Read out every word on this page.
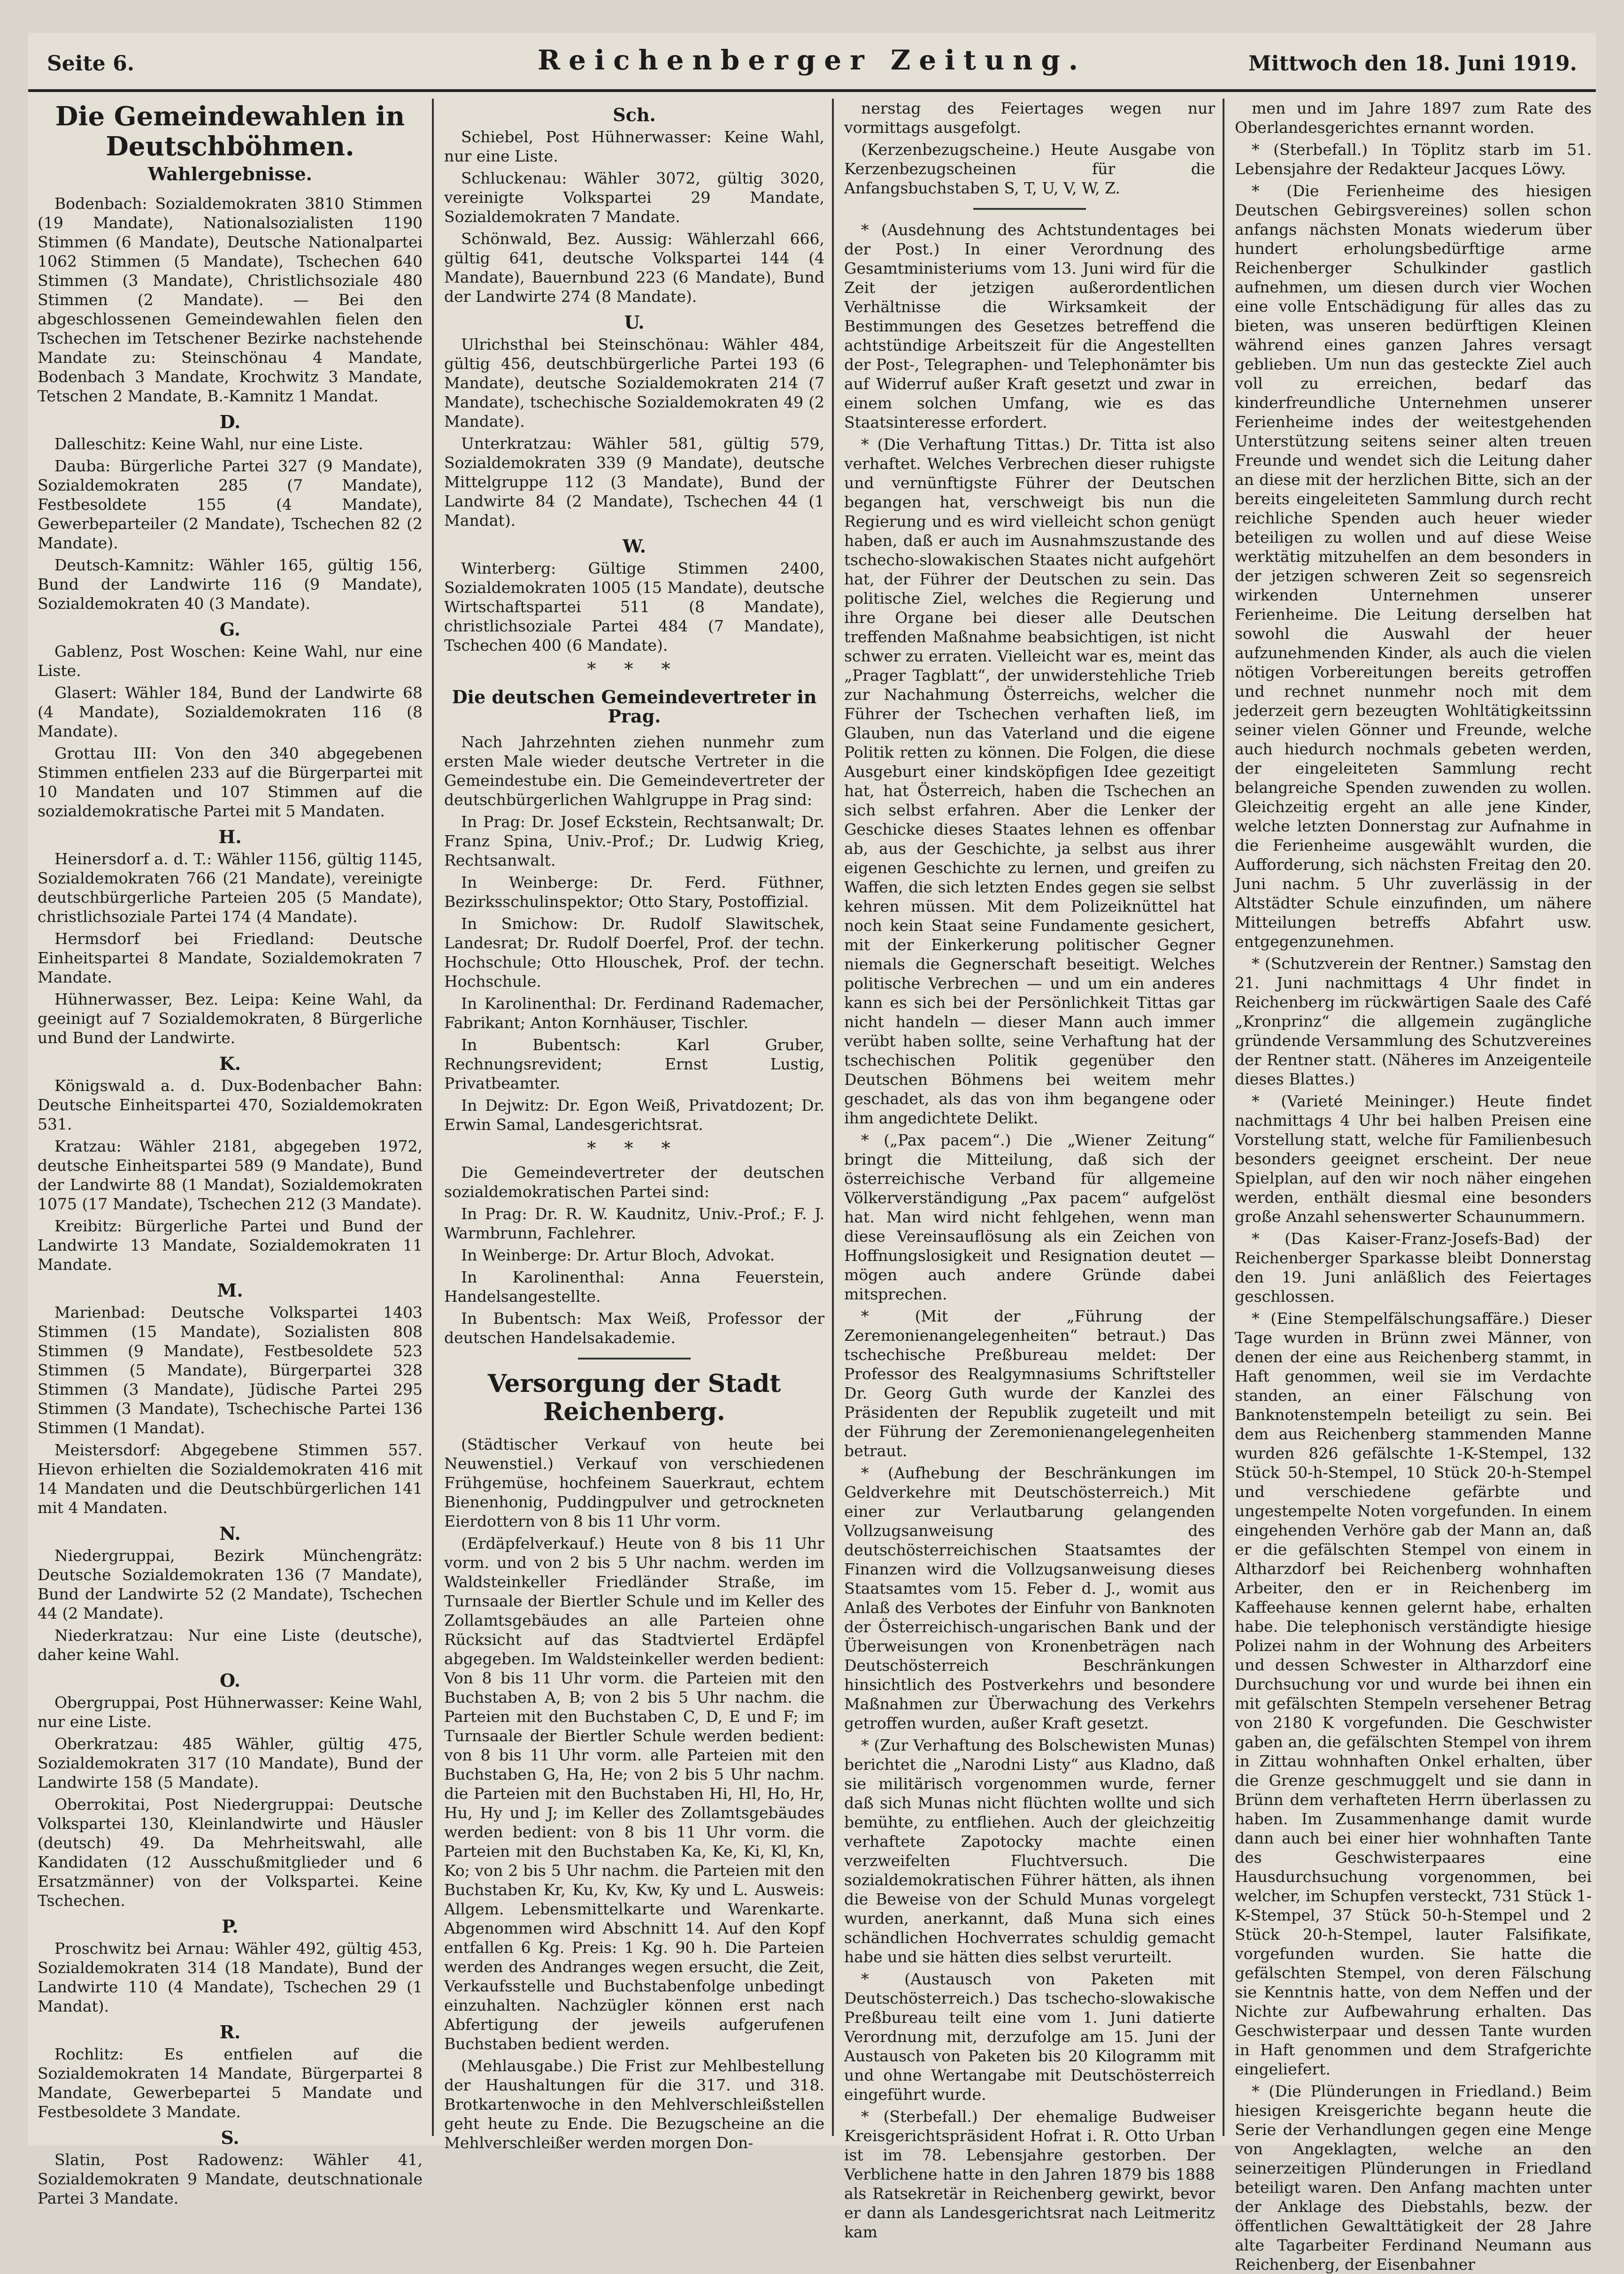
Seite 6.	Reichenberger Zeitung.	Mittwoch den 18. Juni 1919.
Die Gemeindewahlen in Deutschböhmen.
Wahlergebnisse.

Bodenbach: Sozialdemokraten 3810 Stimmen (19 Mandate), Nationalsozialisten 1190 Stimmen (6 Mandate), Deutsche Nationalpartei 1062 Stimmen (5 Mandate), Tschechen 640 Stimmen (3 Mandate), Christlichsoziale 480 Stimmen (2 Mandate). — Bei den abgeschlossenen Gemeindewahlen fielen den Tschechen im Tetschener Bezirke nachstehende Mandate zu: Steinschönau 4 Mandate, Bodenbach 3 Mandate, Krochwitz 3 Mandate, Tetschen 2 Mandate, B.-Kamnitz 1 Mandat.

D.

Dalleschitz: Keine Wahl, nur eine Liste.

Dauba: Bürgerliche Partei 327 (9 Mandate), Sozialdemokraten 285 (7 Mandate), Festbesoldete 155 (4 Mandate), Gewerbeparteiler (2 Mandate), Tschechen 82 (2 Mandate).

Deutsch-Kamnitz: Wähler 165, gültig 156, Bund der Landwirte 116 (9 Mandate), Sozialdemokraten 40 (3 Mandate).

G.

Gablenz, Post Woschen: Keine Wahl, nur eine Liste.

Glasert: Wähler 184, Bund der Landwirte 68 (4 Mandate), Sozialdemokraten 116 (8 Mandate).

Grottau III: Von den 340 abgegebenen Stimmen entfielen 233 auf die Bürgerpartei mit 10 Mandaten und 107 Stimmen auf die sozialdemokratische Partei mit 5 Mandaten.

H.

Heinersdorf a. d. T.: Wähler 1156, gültig 1145, Sozialdemokraten 766 (21 Mandate), vereinigte deutschbürgerliche Parteien 205 (5 Mandate), christlichsoziale Partei 174 (4 Mandate).

Hermsdorf bei Friedland: Deutsche Einheitspartei 8 Mandate, Sozialdemokraten 7 Mandate.

Hühnerwasser, Bez. Leipa: Keine Wahl, da geeinigt auf 7 Sozialdemokraten, 8 Bürgerliche und Bund der Landwirte.

K.

Königswald a. d. Dux-Bodenbacher Bahn: Deutsche Einheitspartei 470, Sozialdemokraten 531.

Kratzau: Wähler 2181, abgegeben 1972, deutsche Einheitspartei 589 (9 Mandate), Bund der Landwirte 88 (1 Mandat), Sozialdemokraten 1075 (17 Mandate), Tschechen 212 (3 Mandate).

Kreibitz: Bürgerliche Partei und Bund der Landwirte 13 Mandate, Sozialdemokraten 11 Mandate.

M.

Marienbad: Deutsche Volkspartei 1403 Stimmen (15 Mandate), Sozialisten 808 Stimmen (9 Mandate), Festbesoldete 523 Stimmen (5 Mandate), Bürgerpartei 328 Stimmen (3 Mandate), Jüdische Partei 295 Stimmen (3 Mandate), Tschechische Partei 136 Stimmen (1 Mandat).

Meistersdorf: Abgegebene Stimmen 557. Hievon erhielten die Sozialdemokraten 416 mit 14 Mandaten und die Deutschbürgerlichen 141 mit 4 Mandaten.

N.

Niedergruppai, Bezirk Münchengrätz: Deutsche Sozialdemokraten 136 (7 Mandate), Bund der Landwirte 52 (2 Mandate), Tschechen 44 (2 Mandate).

Niederkratzau: Nur eine Liste (deutsche), daher keine Wahl.

O.

Obergruppai, Post Hühnerwasser: Keine Wahl, nur eine Liste.

Oberkratzau: 485 Wähler, gültig 475, Sozialdemokraten 317 (10 Mandate), Bund der Landwirte 158 (5 Mandate).

Oberrokitai, Post Niedergruppai: Deutsche Volkspartei 130, Kleinlandwirte und Häusler (deutsch) 49. Da Mehrheitswahl, alle Kandidaten (12 Ausschußmitglieder und 6 Ersatzmänner) von der Volkspartei. Keine Tschechen.

P.

Proschwitz bei Arnau: Wähler 492, gültig 453, Sozialdemokraten 314 (18 Mandate), Bund der Landwirte 110 (4 Mandate), Tschechen 29 (1 Mandat).

R.

Rochlitz: Es entfielen auf die Sozialdemokraten 14 Mandate, Bürgerpartei 8 Mandate, Gewerbepartei 5 Mandate und Festbesoldete 3 Mandate.

S.

Slatin, Post Radowenz: Wähler 41, Sozialdemokraten 9 Mandate, deutschnationale Partei 3 Mandate.

Sch.

Schiebel, Post Hühnerwasser: Keine Wahl, nur eine Liste.

Schluckenau: Wähler 3072, gültig 3020, vereinigte Volkspartei 29 Mandate, Sozialdemokraten 7 Mandate.

Schönwald, Bez. Aussig: Wählerzahl 666, gültig 641, deutsche Volkspartei 144 (4 Mandate), Bauernbund 223 (6 Mandate), Bund der Landwirte 274 (8 Mandate).

U.

Ulrichsthal bei Steinschönau: Wähler 484, gültig 456, deutschbürgerliche Partei 193 (6 Mandate), deutsche Sozialdemokraten 214 (7 Mandate), tschechische Sozialdemokraten 49 (2 Mandate).

Unterkratzau: Wähler 581, gültig 579, Sozialdemokraten 339 (9 Mandate), deutsche Mittelgruppe 112 (3 Mandate), Bund der Landwirte 84 (2 Mandate), Tschechen 44 (1 Mandat).

W.

Winterberg: Gültige Stimmen 2400, Sozialdemokraten 1005 (15 Mandate), deutsche Wirtschaftspartei 511 (8 Mandate), christlichsoziale Partei 484 (7 Mandate), Tschechen 400 (6 Mandate).

* * *
Die deutschen Gemeindevertreter in Prag.

Nach Jahrzehnten ziehen nunmehr zum ersten Male wieder deutsche Vertreter in die Gemeindestube ein. Die Gemeindevertreter der deutschbürgerlichen Wahlgruppe in Prag sind:

In Prag: Dr. Josef Eckstein, Rechtsanwalt; Dr. Franz Spina, Univ.-Prof.; Dr. Ludwig Krieg, Rechtsanwalt.

In Weinberge: Dr. Ferd. Füthner, Bezirksschulinspektor; Otto Stary, Postoffizial.

In Smichow: Dr. Rudolf Slawitschek, Landesrat; Dr. Rudolf Doerfel, Prof. der techn. Hochschule; Otto Hlouschek, Prof. der techn. Hochschule.

In Karolinenthal: Dr. Ferdinand Rademacher, Fabrikant; Anton Kornhäuser, Tischler.

In Bubentsch: Karl Gruber, Rechnungsrevident; Ernst Lustig, Privatbeamter.

In Dejwitz: Dr. Egon Weiß, Privatdozent; Dr. Erwin Samal, Landesgerichtsrat.

* * *

Die Gemeindevertreter der deutschen sozialdemokratischen Partei sind:

In Prag: Dr. R. W. Kaudnitz, Univ.-Prof.; F. J. Warmbrunn, Fachlehrer.

In Weinberge: Dr. Artur Bloch, Advokat.

In Karolinenthal: Anna Feuerstein, Handelsangestellte.

In Bubentsch: Max Weiß, Professor der deutschen Handelsakademie.

Versorgung der Stadt Reichenberg.

(Städtischer Verkauf von heute bei Neuwenstiel.) Verkauf von verschiedenen Frühgemüse, hochfeinem Sauerkraut, echtem Bienenhonig, Puddingpulver und getrockneten Eierdottern von 8 bis 11 Uhr vorm.

(Erdäpfelverkauf.) Heute von 8 bis 11 Uhr vorm. und von 2 bis 5 Uhr nachm. werden im Waldsteinkeller Friedländer Straße, im Turnsaale der Biertler Schule und im Keller des Zollamtsgebäudes an alle Parteien ohne Rücksicht auf das Stadtviertel Erdäpfel abgegeben. Im Waldsteinkeller werden bedient: Von 8 bis 11 Uhr vorm. die Parteien mit den Buchstaben A, B; von 2 bis 5 Uhr nachm. die Parteien mit den Buchstaben C, D, E und F; im Turnsaale der Biertler Schule werden bedient: von 8 bis 11 Uhr vorm. alle Parteien mit den Buchstaben G, Ha, He; von 2 bis 5 Uhr nachm. die Parteien mit den Buchstaben Hi, Hl, Ho, Hr, Hu, Hy und J; im Keller des Zollamtsgebäudes werden bedient: von 8 bis 11 Uhr vorm. die Parteien mit den Buchstaben Ka, Ke, Ki, Kl, Kn, Ko; von 2 bis 5 Uhr nachm. die Parteien mit den Buchstaben Kr, Ku, Kv, Kw, Ky und L. Ausweis: Allgem. Lebensmittelkarte und Warenkarte. Abgenommen wird Abschnitt 14. Auf den Kopf entfallen 6 Kg. Preis: 1 Kg. 90 h. Die Parteien werden des Andranges wegen ersucht, die Zeit, Verkaufsstelle und Buchstabenfolge unbedingt einzuhalten. Nachzügler können erst nach Abfertigung der jeweils aufgerufenen Buchstaben bedient werden.

(Mehlausgabe.) Die Frist zur Mehlbestellung der Haushaltungen für die 317. und 318. Brotkartenwoche in den Mehlverschleißstellen geht heute zu Ende. Die Bezugscheine an die Mehlverschleißer werden morgen Don-

nerstag des Feiertages wegen nur vormittags ausgefolgt.

(Kerzenbezugscheine.) Heute Ausgabe von Kerzenbezugscheinen für die Anfangsbuchstaben S, T, U, V, W, Z.

* (Ausdehnung des Achtstundentages bei der Post.) In einer Verordnung des Gesamtministeriums vom 13. Juni wird für die Zeit der jetzigen außerordentlichen Verhältnisse die Wirksamkeit der Bestimmungen des Gesetzes betreffend die achtstündige Arbeitszeit für die Angestellten der Post-, Telegraphen- und Telephonämter bis auf Widerruf außer Kraft gesetzt und zwar in einem solchen Umfang, wie es das Staatsinteresse erfordert.

* (Die Verhaftung Tittas.) Dr. Titta ist also verhaftet. Welches Verbrechen dieser ruhigste und vernünftigste Führer der Deutschen begangen hat, verschweigt bis nun die Regierung und es wird vielleicht schon genügt haben, daß er auch im Ausnahmszustande des tschecho-slowakischen Staates nicht aufgehört hat, der Führer der Deutschen zu sein. Das politische Ziel, welches die Regierung und ihre Organe bei dieser alle Deutschen treffenden Maßnahme beabsichtigen, ist nicht schwer zu erraten. Vielleicht war es, meint das „Prager Tagblatt“, der unwiderstehliche Trieb zur Nachahmung Österreichs, welcher die Führer der Tschechen verhaften ließ, im Glauben, nun das Vaterland und die eigene Politik retten zu können. Die Folgen, die diese Ausgeburt einer kindsköpfigen Idee gezeitigt hat, hat Österreich, haben die Tschechen an sich selbst erfahren. Aber die Lenker der Geschicke dieses Staates lehnen es offenbar ab, aus der Geschichte, ja selbst aus ihrer eigenen Geschichte zu lernen, und greifen zu Waffen, die sich letzten Endes gegen sie selbst kehren müssen. Mit dem Polizeiknüttel hat noch kein Staat seine Fundamente gesichert, mit der Einkerkerung politischer Gegner niemals die Gegnerschaft beseitigt. Welches politische Verbrechen — und um ein anderes kann es sich bei der Persönlichkeit Tittas gar nicht handeln — dieser Mann auch immer verübt haben sollte, seine Verhaftung hat der tschechischen Politik gegenüber den Deutschen Böhmens bei weitem mehr geschadet, als das von ihm begangene oder ihm angedichtete Delikt.

* („Pax pacem“.) Die „Wiener Zeitung“ bringt die Mitteilung, daß sich der österreichische Verband für allgemeine Völkerverständigung „Pax pacem“ aufgelöst hat. Man wird nicht fehlgehen, wenn man diese Vereinsauflösung als ein Zeichen von Hoffnungslosigkeit und Resignation deutet — mögen auch andere Gründe dabei mitsprechen.

* (Mit der „Führung der Zeremonienangelegenheiten“ betraut.) Das tschechische Preßbureau meldet: Der Professor des Realgymnasiums Schriftsteller Dr. Georg Guth wurde der Kanzlei des Präsidenten der Republik zugeteilt und mit der Führung der Zeremonienangelegenheiten betraut.

* (Aufhebung der Beschränkungen im Geldverkehre mit Deutschösterreich.) Mit einer zur Verlautbarung gelangenden Vollzugsanweisung des deutschösterreichischen Staatsamtes der Finanzen wird die Vollzugsanweisung dieses Staatsamtes vom 15. Feber d. J., womit aus Anlaß des Verbotes der Einfuhr von Banknoten der Österreichisch-ungarischen Bank und der Überweisungen von Kronenbeträgen nach Deutschösterreich Beschränkungen hinsichtlich des Postverkehrs und besondere Maßnahmen zur Überwachung des Verkehrs getroffen wurden, außer Kraft gesetzt.

* (Zur Verhaftung des Bolschewisten Munas) berichtet die „Narodni Listy“ aus Kladno, daß sie militärisch vorgenommen wurde, ferner daß sich Munas nicht flüchten wollte und sich bemühte, zu entfliehen. Auch der gleichzeitig verhaftete Zapotocky machte einen verzweifelten Fluchtversuch. Die sozialdemokratischen Führer hätten, als ihnen die Beweise von der Schuld Munas vorgelegt wurden, anerkannt, daß Muna sich eines schändlichen Hochverrates schuldig gemacht habe und sie hätten dies selbst verurteilt.

* (Austausch von Paketen mit Deutschösterreich.) Das tschecho-slowakische Preßbureau teilt eine vom 1. Juni datierte Verordnung mit, derzufolge am 15. Juni der Austausch von Paketen bis 20 Kilogramm mit und ohne Wertangabe mit Deutschösterreich eingeführt wurde.

* (Sterbefall.) Der ehemalige Budweiser Kreisgerichtspräsident Hofrat i. R. Otto Urban ist im 78. Lebensjahre gestorben. Der Verblichene hatte in den Jahren 1879 bis 1888 als Ratsekretär in Reichenberg gewirkt, bevor er dann als Landesgerichtsrat nach Leitmeritz kam

men und im Jahre 1897 zum Rate des Oberlandesgerichtes ernannt worden.

* (Sterbefall.) In Töplitz starb im 51. Lebensjahre der Redakteur Jacques Löwy.

* (Die Ferienheime des hiesigen Deutschen Gebirgsvereines) sollen schon anfangs nächsten Monats wiederum über hundert erholungsbedürftige arme Reichenberger Schulkinder gastlich aufnehmen, um diesen durch vier Wochen eine volle Entschädigung für alles das zu bieten, was unseren bedürftigen Kleinen während eines ganzen Jahres versagt geblieben. Um nun das gesteckte Ziel auch voll zu erreichen, bedarf das kinderfreundliche Unternehmen unserer Ferienheime indes der weitestgehenden Unterstützung seitens seiner alten treuen Freunde und wendet sich die Leitung daher an diese mit der herzlichen Bitte, sich an der bereits eingeleiteten Sammlung durch recht reichliche Spenden auch heuer wieder beteiligen zu wollen und auf diese Weise werktätig mitzuhelfen an dem besonders in der jetzigen schweren Zeit so segensreich wirkenden Unternehmen unserer Ferienheime. Die Leitung derselben hat sowohl die Auswahl der heuer aufzunehmenden Kinder, als auch die vielen nötigen Vorbereitungen bereits getroffen und rechnet nunmehr noch mit dem jederzeit gern bezeugten Wohltätigkeitssinn seiner vielen Gönner und Freunde, welche auch hiedurch nochmals gebeten werden, der eingeleiteten Sammlung recht belangreiche Spenden zuwenden zu wollen. Gleichzeitig ergeht an alle jene Kinder, welche letzten Donnerstag zur Aufnahme in die Ferienheime ausgewählt wurden, die Aufforderung, sich nächsten Freitag den 20. Juni nachm. 5 Uhr zuverlässig in der Altstädter Schule einzufinden, um nähere Mitteilungen betreffs Abfahrt usw. entgegenzunehmen.

* (Schutzverein der Rentner.) Samstag den 21. Juni nachmittags 4 Uhr findet in Reichenberg im rückwärtigen Saale des Café „Kronprinz“ die allgemein zugängliche gründende Versammlung des Schutzvereines der Rentner statt. (Näheres im Anzeigenteile dieses Blattes.)

* (Varieté Meininger.) Heute findet nachmittags 4 Uhr bei halben Preisen eine Vorstellung statt, welche für Familienbesuch besonders geeignet erscheint. Der neue Spielplan, auf den wir noch näher eingehen werden, enthält diesmal eine besonders große Anzahl sehenswerter Schaunummern.

* (Das Kaiser-Franz-Josefs-Bad) der Reichenberger Sparkasse bleibt Donnerstag den 19. Juni anläßlich des Feiertages geschlossen.

* (Eine Stempelfälschungsaffäre.) Dieser Tage wurden in Brünn zwei Männer, von denen der eine aus Reichenberg stammt, in Haft genommen, weil sie im Verdachte standen, an einer Fälschung von Banknotenstempeln beteiligt zu sein. Bei dem aus Reichenberg stammenden Manne wurden 826 gefälschte 1-K-Stempel, 132 Stück 50-h-Stempel, 10 Stück 20-h-Stempel und verschiedene gefärbte und ungestempelte Noten vorgefunden. In einem eingehenden Verhöre gab der Mann an, daß er die gefälschten Stempel von einem in Altharzdorf bei Reichenberg wohnhaften Arbeiter, den er in Reichenberg im Kaffeehause kennen gelernt habe, erhalten habe. Die telephonisch verständigte hiesige Polizei nahm in der Wohnung des Arbeiters und dessen Schwester in Altharzdorf eine Durchsuchung vor und wurde bei ihnen ein mit gefälschten Stempeln versehener Betrag von 2180 K vorgefunden. Die Geschwister gaben an, die gefälschten Stempel von ihrem in Zittau wohnhaften Onkel erhalten, über die Grenze geschmuggelt und sie dann in Brünn dem verhafteten Herrn überlassen zu haben. Im Zusammenhange damit wurde dann auch bei einer hier wohnhaften Tante des Geschwisterpaares eine Hausdurchsuchung vorgenommen, bei welcher, im Schupfen versteckt, 731 Stück 1-K-Stempel, 37 Stück 50-h-Stempel und 2 Stück 20-h-Stempel, lauter Falsifikate, vorgefunden wurden. Sie hatte die gefälschten Stempel, von deren Fälschung sie Kenntnis hatte, von dem Neffen und der Nichte zur Aufbewahrung erhalten. Das Geschwisterpaar und dessen Tante wurden in Haft genommen und dem Strafgerichte eingeliefert.

* (Die Plünderungen in Friedland.) Beim hiesigen Kreisgerichte begann heute die Serie der Verhandlungen gegen eine Menge von Angeklagten, welche an den seinerzeitigen Plünderungen in Friedland beteiligt waren. Den Anfang machten unter der Anklage des Diebstahls, bezw. der öffentlichen Gewalttätigkeit der 28 Jahre alte Tagarbeiter Ferdinand Neumann aus Reichenberg, der Eisenbahner
